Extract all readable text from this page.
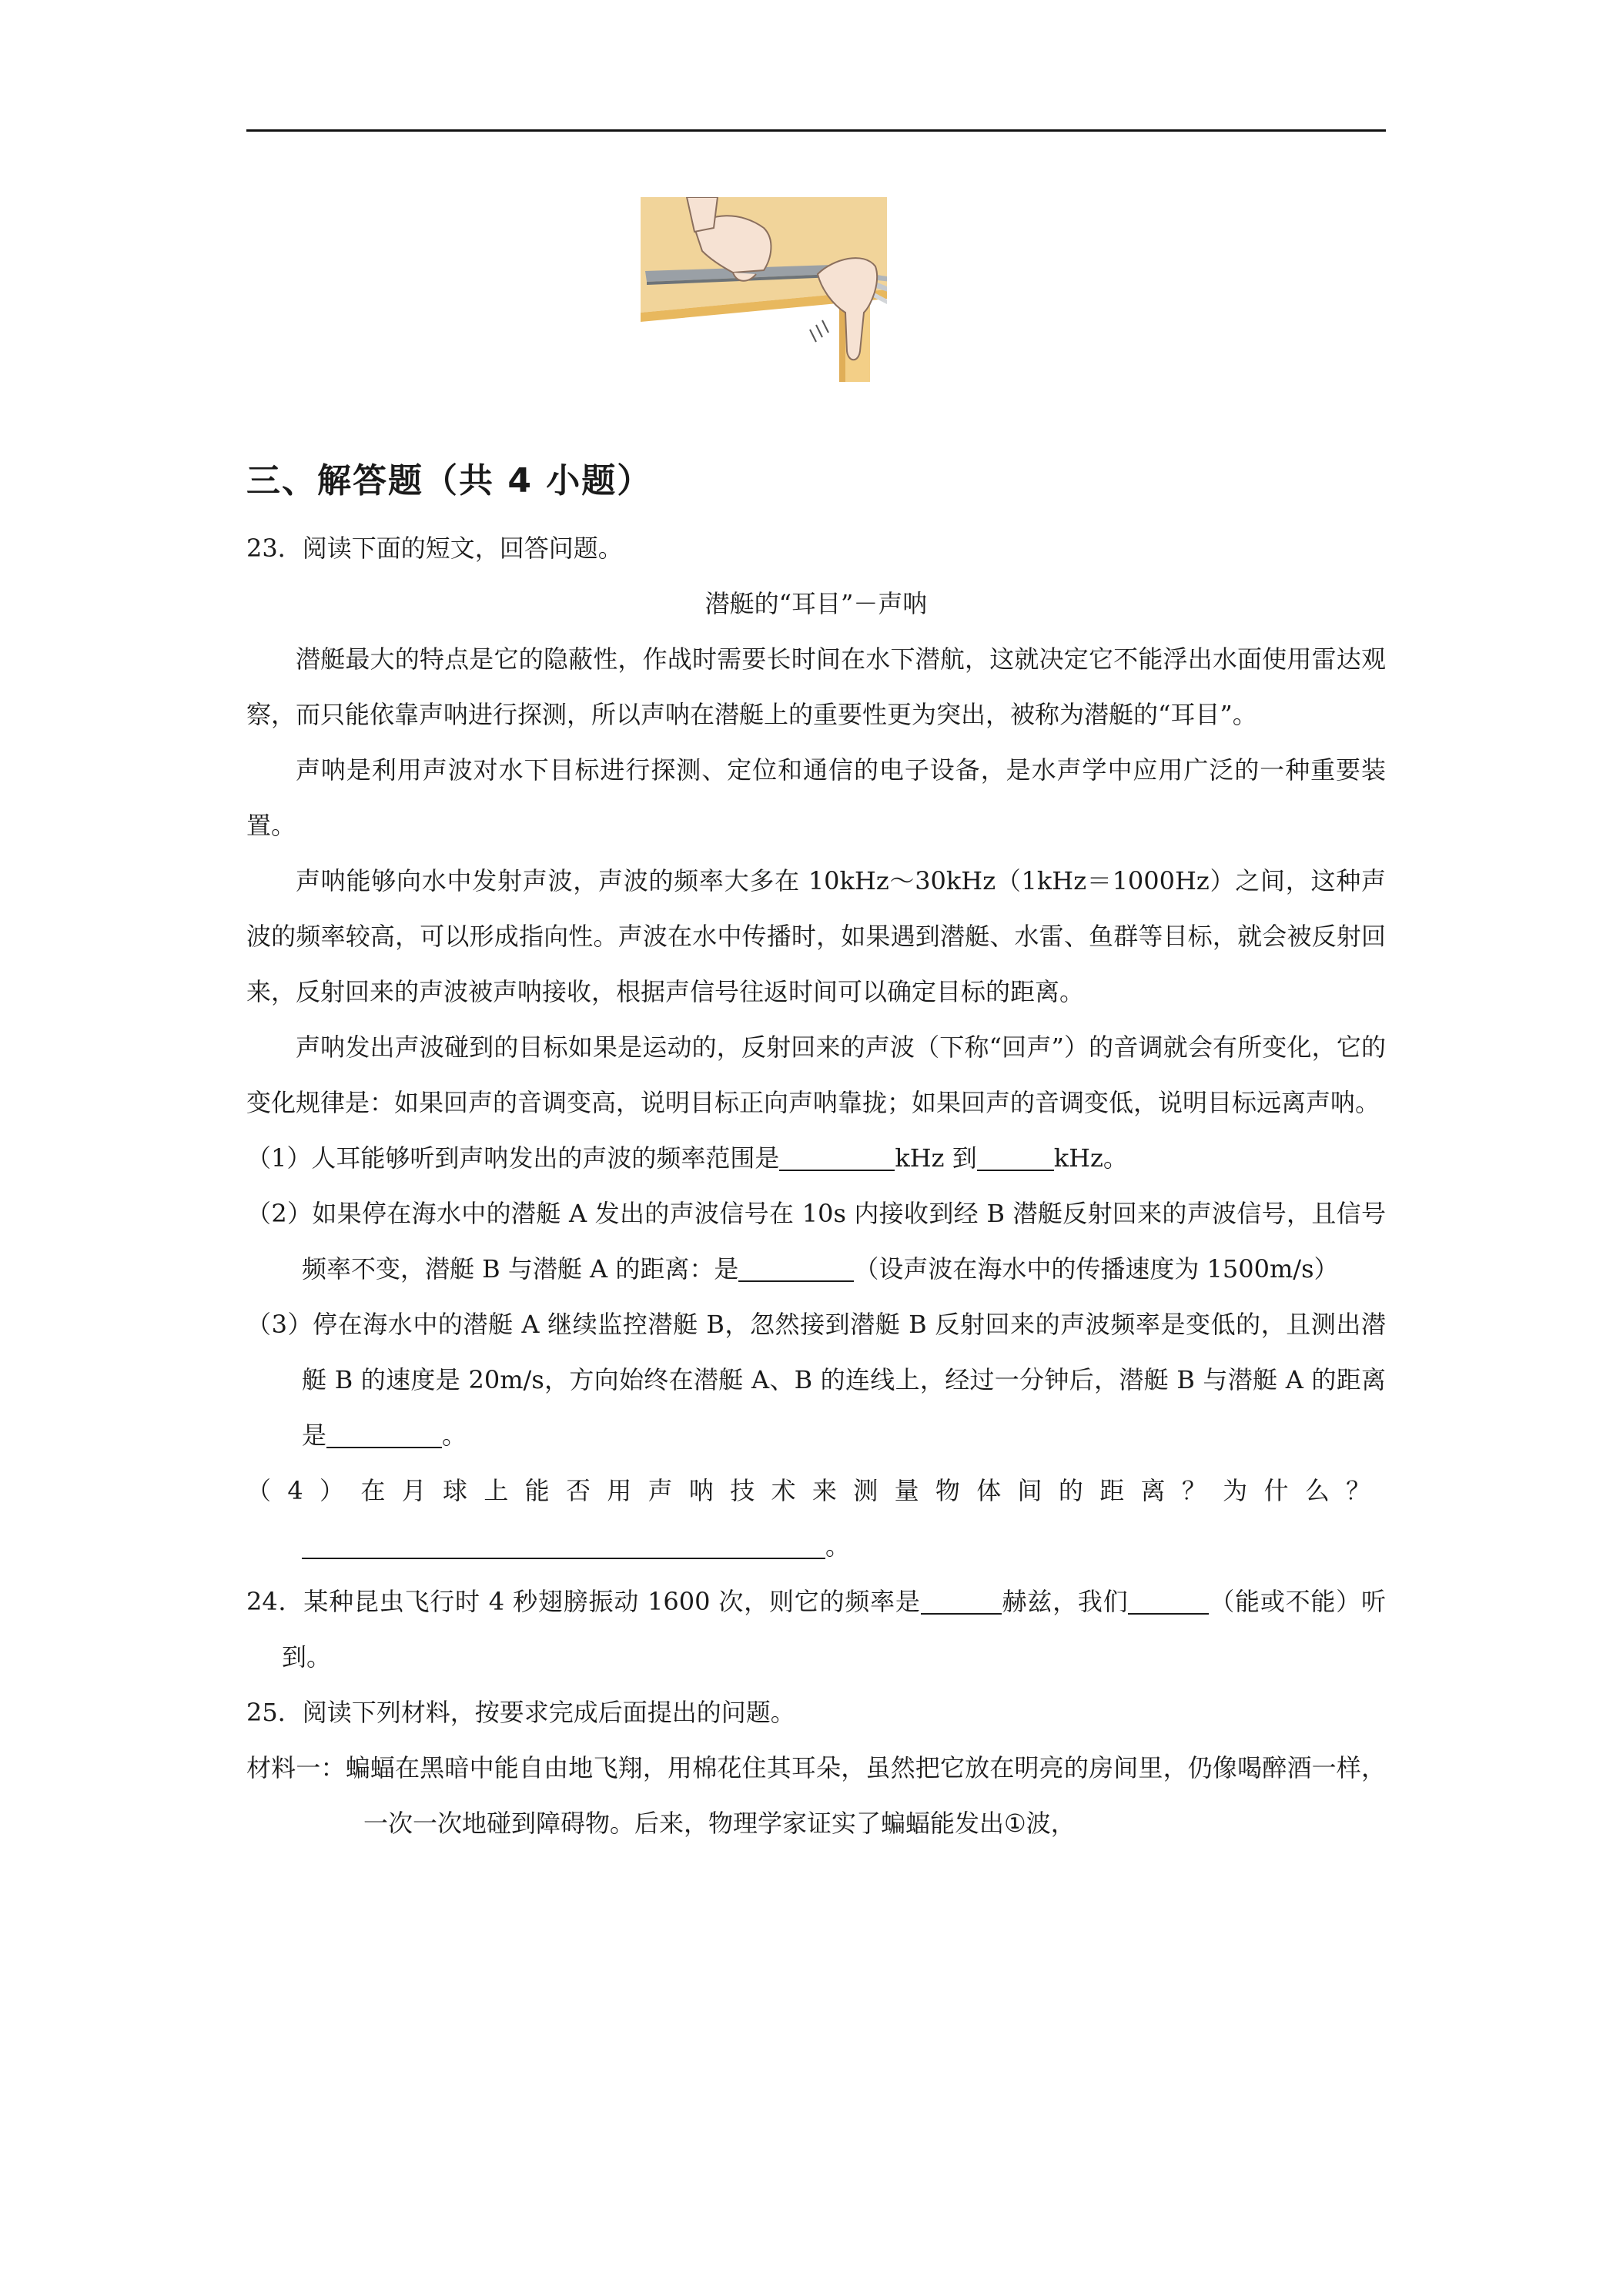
三、解答题（共 4 小题）

23．阅读下面的短文，回答问题。

潜艇的“耳目”－声呐

潜艇最大的特点是它的隐蔽性，作战时需要长时间在水下潜航，这就决定它不能浮出水面使用雷达观察，而只能依靠声呐进行探测，所以声呐在潜艇上的重要性更为突出，被称为潜艇的“耳目”。

声呐是利用声波对水下目标进行探测、定位和通信的电子设备，是水声学中应用广泛的一种重要装置。

声呐能够向水中发射声波，声波的频率大多在 10kHz～30kHz（1kHz＝1000Hz）之间，这种声波的频率较高，可以形成指向性。声波在水中传播时，如果遇到潜艇、水雷、鱼群等目标，就会被反射回来，反射回来的声波被声呐接收，根据声信号往返时间可以确定目标的距离。

声呐发出声波碰到的目标如果是运动的，反射回来的声波（下称“回声”）的音调就会有所变化，它的变化规律是：如果回声的音调变高，说明目标正向声呐靠拢；如果回声的音调变低，说明目标远离声呐。

（1）人耳能够听到声呐发出的声波的频率范围是	kHz 到	kHz。

（2）如果停在海水中的潜艇 A 发出的声波信号在 10s 内接收到经 B 潜艇反射回来的声波信号，且信号频率不变，潜艇 B 与潜艇 A 的距离：是	（设声波在海水中的传播速度为 1500m/s）

（3）停在海水中的潜艇 A 继续监控潜艇 B，忽然接到潜艇 B 反射回来的声波频率是变低的，且测出潜艇 B 的速度是 20m/s，方向始终在潜艇 A、B 的连线上，经过一分钟后，潜艇 B 与潜艇 A 的距离是	。

（4）在月球上能否用声呐技术来测量物体间的距离？为什么？。

24．某种昆虫飞行时 4 秒翅膀振动 1600 次，则它的频率是	赫兹，我们	（能或不能）听到。

25．阅读下列材料，按要求完成后面提出的问题。

材料一：蝙蝠在黑暗中能自由地飞翔，用棉花住其耳朵，虽然把它放在明亮的房间里，仍像喝醉酒一样，一次一次地碰到障碍物。后来，物理学家证实了蝙蝠能发出①波，
